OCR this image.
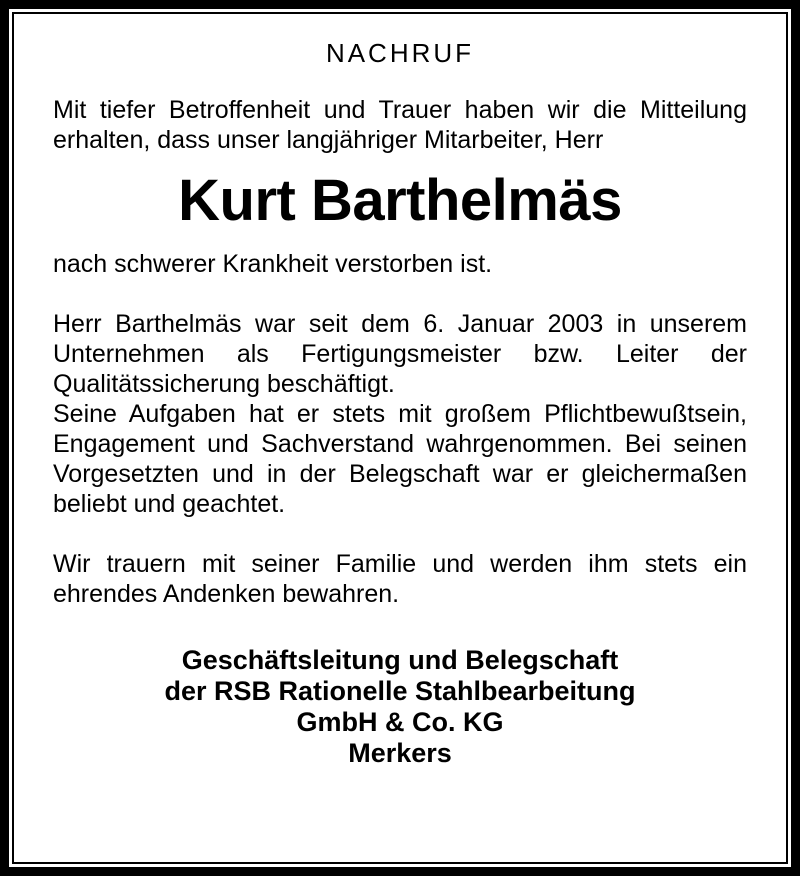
NACHRUF

Mit tiefer Betroffenheit und Trauer haben wir die Mitteilung erhalten, dass unser langjähriger Mitarbeiter, Herr

Kurt Barthelmäs

nach schwerer Krankheit verstorben ist.

Herr Barthelmäs war seit dem 6. Januar 2003 in unserem Unternehmen als Fertigungsmeister bzw. Leiter der Qualitätssicherung beschäftigt.

Seine Aufgaben hat er stets mit großem Pflichtbewußtsein, Engagement und Sachverstand wahrgenommen. Bei seinen Vorgesetzten und in der Belegschaft war er gleichermaßen beliebt und geachtet.

Wir trauern mit seiner Familie und werden ihm stets ein ehrendes Andenken bewahren.

Geschäftsleitung und Belegschaft
der RSB Rationelle Stahlbearbeitung
GmbH & Co. KG
Merkers
